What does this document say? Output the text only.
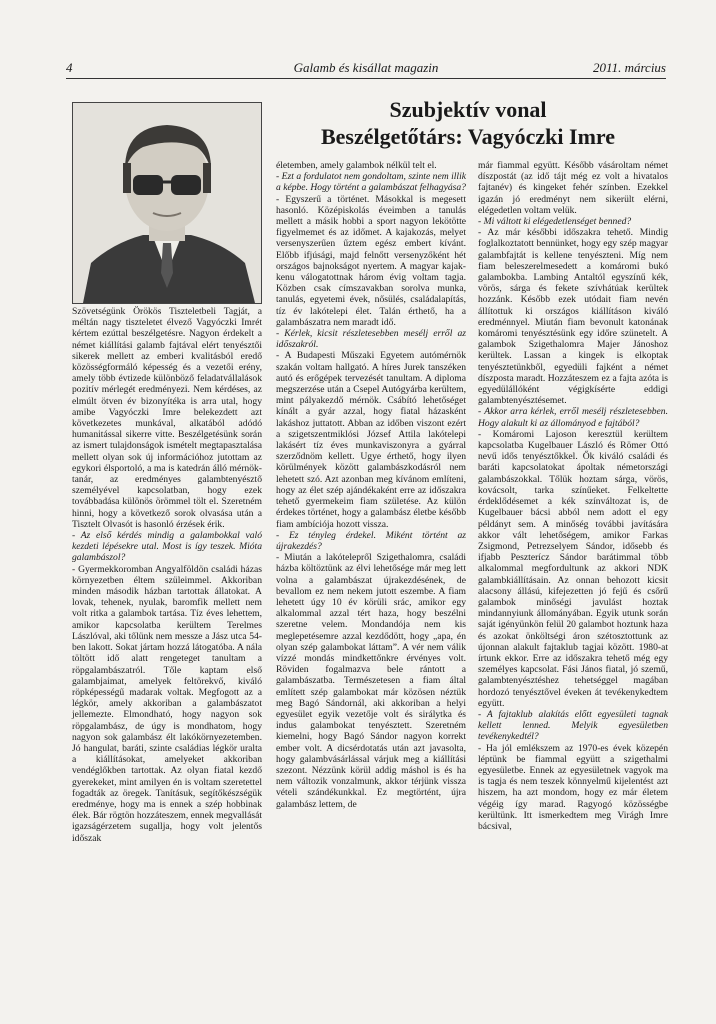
4	Galamb és kisállat magazin	2011. március
Szubjektív vonal
Beszélgetőtárs: Vagyóczki Imre

Szövetségünk Örökös Tiszteletbeli Tagját, a méltán nagy tiszteletet élvező Vagyóczki Imrét kértem ezúttal beszélgetésre. Nagyon érdekelt a német kiállítási galamb fajtával elért tenyésztői sikerek mellett az emberi kvalitásból eredő közösségformáló képesség és a vezetői erény, amely több évtizede különböző feladatvállalások pozitív mérlegét eredményezi. Nem kérdéses, az elmúlt ötven év bizonyítéka is arra utal, hogy amibe Vagyóczki Imre belekezdett azt következetes munkával, alkatából adódó humanitással sikerre vitte. Beszélgetésünk során az ismert tulajdonságok ismételt megtapasztalása mellett olyan sok új információhoz jutottam az egykori élsportoló, a ma is katedrán álló mérnök-tanár, az eredményes galambtenyésztő személyével kapcsolatban, hogy ezek továbbadása különös örömmel tölt el. Szeretném hinni, hogy a következő sorok olvasása után a Tisztelt Olvasót is hasonló érzések érik.

- Az első kérdés mindig a galambokkal való kezdeti lépésekre utal. Most is így teszek. Mióta galambászol?

- Gyermekkoromban Angyalföldön családi házas környezetben éltem szüleimmel. Akkoriban minden második házban tartottak állatokat. A lovak, tehenek, nyulak, baromfik mellett nem volt ritka a galambok tartása. Tíz éves lehettem, amikor kapcsolatba kerültem Terelmes Lászlóval, aki tőlünk nem messze a Jász utca 54-ben lakott. Sokat jártam hozzá látogatóba. A nála töltött idő alatt rengeteget tanultam a röpgalambászatról. Tőle kaptam első galambjaimat, amelyek feltörekvő, kiváló röpképességű madarak voltak. Megfogott az a légkör, amely akkoriban a galambászatot jellemezte. Elmondható, hogy nagyon sok röpgalambász, de úgy is mondhatom, hogy nagyon sok galambász élt lakókörnyezetemben. Jó hangulat, baráti, szinte családias légkör uralta a kiállításokat, amelyeket akkoriban vendéglőkben tartottak. Az olyan fiatal kezdő gyerekeket, mint amilyen én is voltam szeretettel fogadták az öregek. Tanításuk, segítőkészségük eredménye, hogy ma is ennek a szép hobbinak élek. Bár rögtön hozzáteszem, ennek megvallását igazságérzetem sugallja, hogy volt jelentős időszak

életemben, amely galambok nélkül telt el.

- Ezt a fordulatot nem gondoltam, szinte nem illik a képbe. Hogy történt a galambászat felhagyása?

- Egyszerű a történet. Másokkal is megesett hasonló. Középiskolás éveimben a tanulás mellett a másik hobbi a sport nagyon lekötötte figyelmemet és az időmet. A kajakozás, melyet versenyszerűen űztem egész embert kívánt. Előbb ifjúsági, majd felnőtt versenyzőként hét országos bajnokságot nyertem. A magyar kajak-kenu válogatottnak három évig voltam tagja. Közben csak címszavakban sorolva munka, tanulás, egyetemi évek, nősülés, családalapítás, tíz év lakótelepi élet. Talán érthető, ha a galambászatra nem maradt idő.

- Kérlek, kicsit részletesebben mesélj erről az időszakról.

- A Budapesti Műszaki Egyetem autómérnök szakán voltam hallgató. A híres Jurek tanszéken autó és erőgépek tervezését tanultam. A diploma megszerzése után a Csepel Autógyárba kerültem, mint pályakezdő mérnök. Csábító lehetőséget kínált a gyár azzal, hogy fiatal házasként lakáshoz juttatott. Abban az időben viszont ezért a szigetszentmiklósi József Attila lakótelepi lakásért tíz éves munkaviszonyra a gyárral szerződnöm kellett. Ugye érthető, hogy ilyen körülmények között galambászkodásról nem lehetett szó. Azt azonban meg kívánom említeni, hogy az élet szép ajándékaként erre az időszakra tehető gyermekeim fiam születése. Az külön érdekes történet, hogy a galambász életbe később fiam ambíciója hozott vissza.

- Ez tényleg érdekel. Miként történt az újrakezdés?

- Miután a lakótelepről Szigethalomra, családi házba költöztünk az élvi lehetősége már meg lett volna a galambászat újrakezdésének, de bevallom ez nem nekem jutott eszembe. A fiam lehetett úgy 10 év körüli srác, amikor egy alkalommal azzal tért haza, hogy beszélni szeretne velem. Mondandója nem kis meglepetésemre azzal kezdődött, hogy „apa, én olyan szép galambokat láttam”. A vér nem válik vízzé mondás mindkettőnkre érvényes volt. Röviden fogalmazva bele rántott a galambászatba. Természetesen a fiam által említett szép galambokat már közösen néztük meg Bagó Sándornál, aki akkoriban a helyi egyesület egyik vezetője volt és sirálytka és indus galambokat tenyésztett. Szeretném kiemelni, hogy Bagó Sándor nagyon korrekt ember volt. A dicsérdotatás után azt javasolta, hogy galambvásárlással várjuk meg a kiállítási szezont. Nézzünk körül addig máshol is és ha nem változik vonzalmunk, akkor térjünk vissza vételi szándékunkkal. Ez megtörtént, újra galambász lettem, de

már fiammal együtt. Később vásároltam német díszpostát (az idő tájt még ez volt a hivatalos fajtanév) és kingeket fehér színben. Ezekkel igazán jó eredményt nem sikerült elérni, elégedetlen voltam velük.

- Mi váltott ki elégedetlenséget benned?

- Az már későbbi időszakra tehető. Mindig foglalkoztatott bennünket, hogy egy szép magyar galambfajtát is kellene tenyészteni. Míg nem fiam beleszerelmesedett a komáromi bukó galambokba. Lambing Antaltól egyszínű kék, vörös, sárga és fekete szívhátúak kerültek hozzánk. Később ezek utódait fiam nevén állítottuk ki országos kiállításon kiváló eredménnyel. Miután fiam bevonult katonának komáromi tenyésztésünk egy időre szünetelt. A galambok Szigethalomra Majer Jánoshoz kerültek. Lassan a kingek is elkoptak tenyésztetünkből, egyedüli fajként a német díszposta maradt. Hozzáteszem ez a fajta azóta is egyedülállóként végigkísérte eddigi galambtenyésztésemet.

- Akkor arra kérlek, erről mesélj részletesebben. Hogy alakult ki az állományod e fajtából?

- Komáromi Lajoson keresztül kerültem kapcsolatba Kugelbauer László és Römer Ottó nevű idős tenyésztőkkel. Ők kiváló családi és baráti kapcsolatokat ápoltak németországi galambászokkal. Tőlük hoztam sárga, vörös, kovácsolt, tarka színűeket. Felkeltette érdeklődésemet a kék színváltozat is, de Kugelbauer bácsi abból nem adott el egy példányt sem. A minőség további javítására akkor vált lehetőségem, amikor Farkas Zsigmond, Petrezselyem Sándor, idősebb és ifjabb Peszterícz Sándor barátimmal több alkalommal megfordultunk az akkori NDK galambkiállításain. Az onnan behozott kicsit alacsony állású, kifejezetten jó fejű és csőrű galambok minőségi javulást hoztak mindannyiunk állományában. Egyik utunk során saját igényünkön felül 20 galambot hoztunk haza és azokat önköltségi áron szétosztottunk az újonnan alakult fajtaklub tagjai között. 1980-at írtunk ekkor. Erre az időszakra tehető még egy személyes kapcsolat. Fási János fiatal, jó szemű, galambtenyésztéshez tehetséggel magában hordozó tenyésztővel éveken át tevékenykedtem együtt.

- A fajtaklub alakítás előtt egyesületi tagnak kellett lenned. Melyik egyesületben tevékenykedtél?

- Ha jól emlékszem az 1970-es évek közepén léptünk be fiammal együtt a szigethalmi egyesületbe. Ennek az egyesületnek vagyok ma is tagja és nem teszek könnyelmű kijelentést azt hiszem, ha azt mondom, hogy ez már életem végéig így marad. Ragyogó közösségbe kerültünk. Itt ismerkedtem meg Virágh Imre bácsival,
